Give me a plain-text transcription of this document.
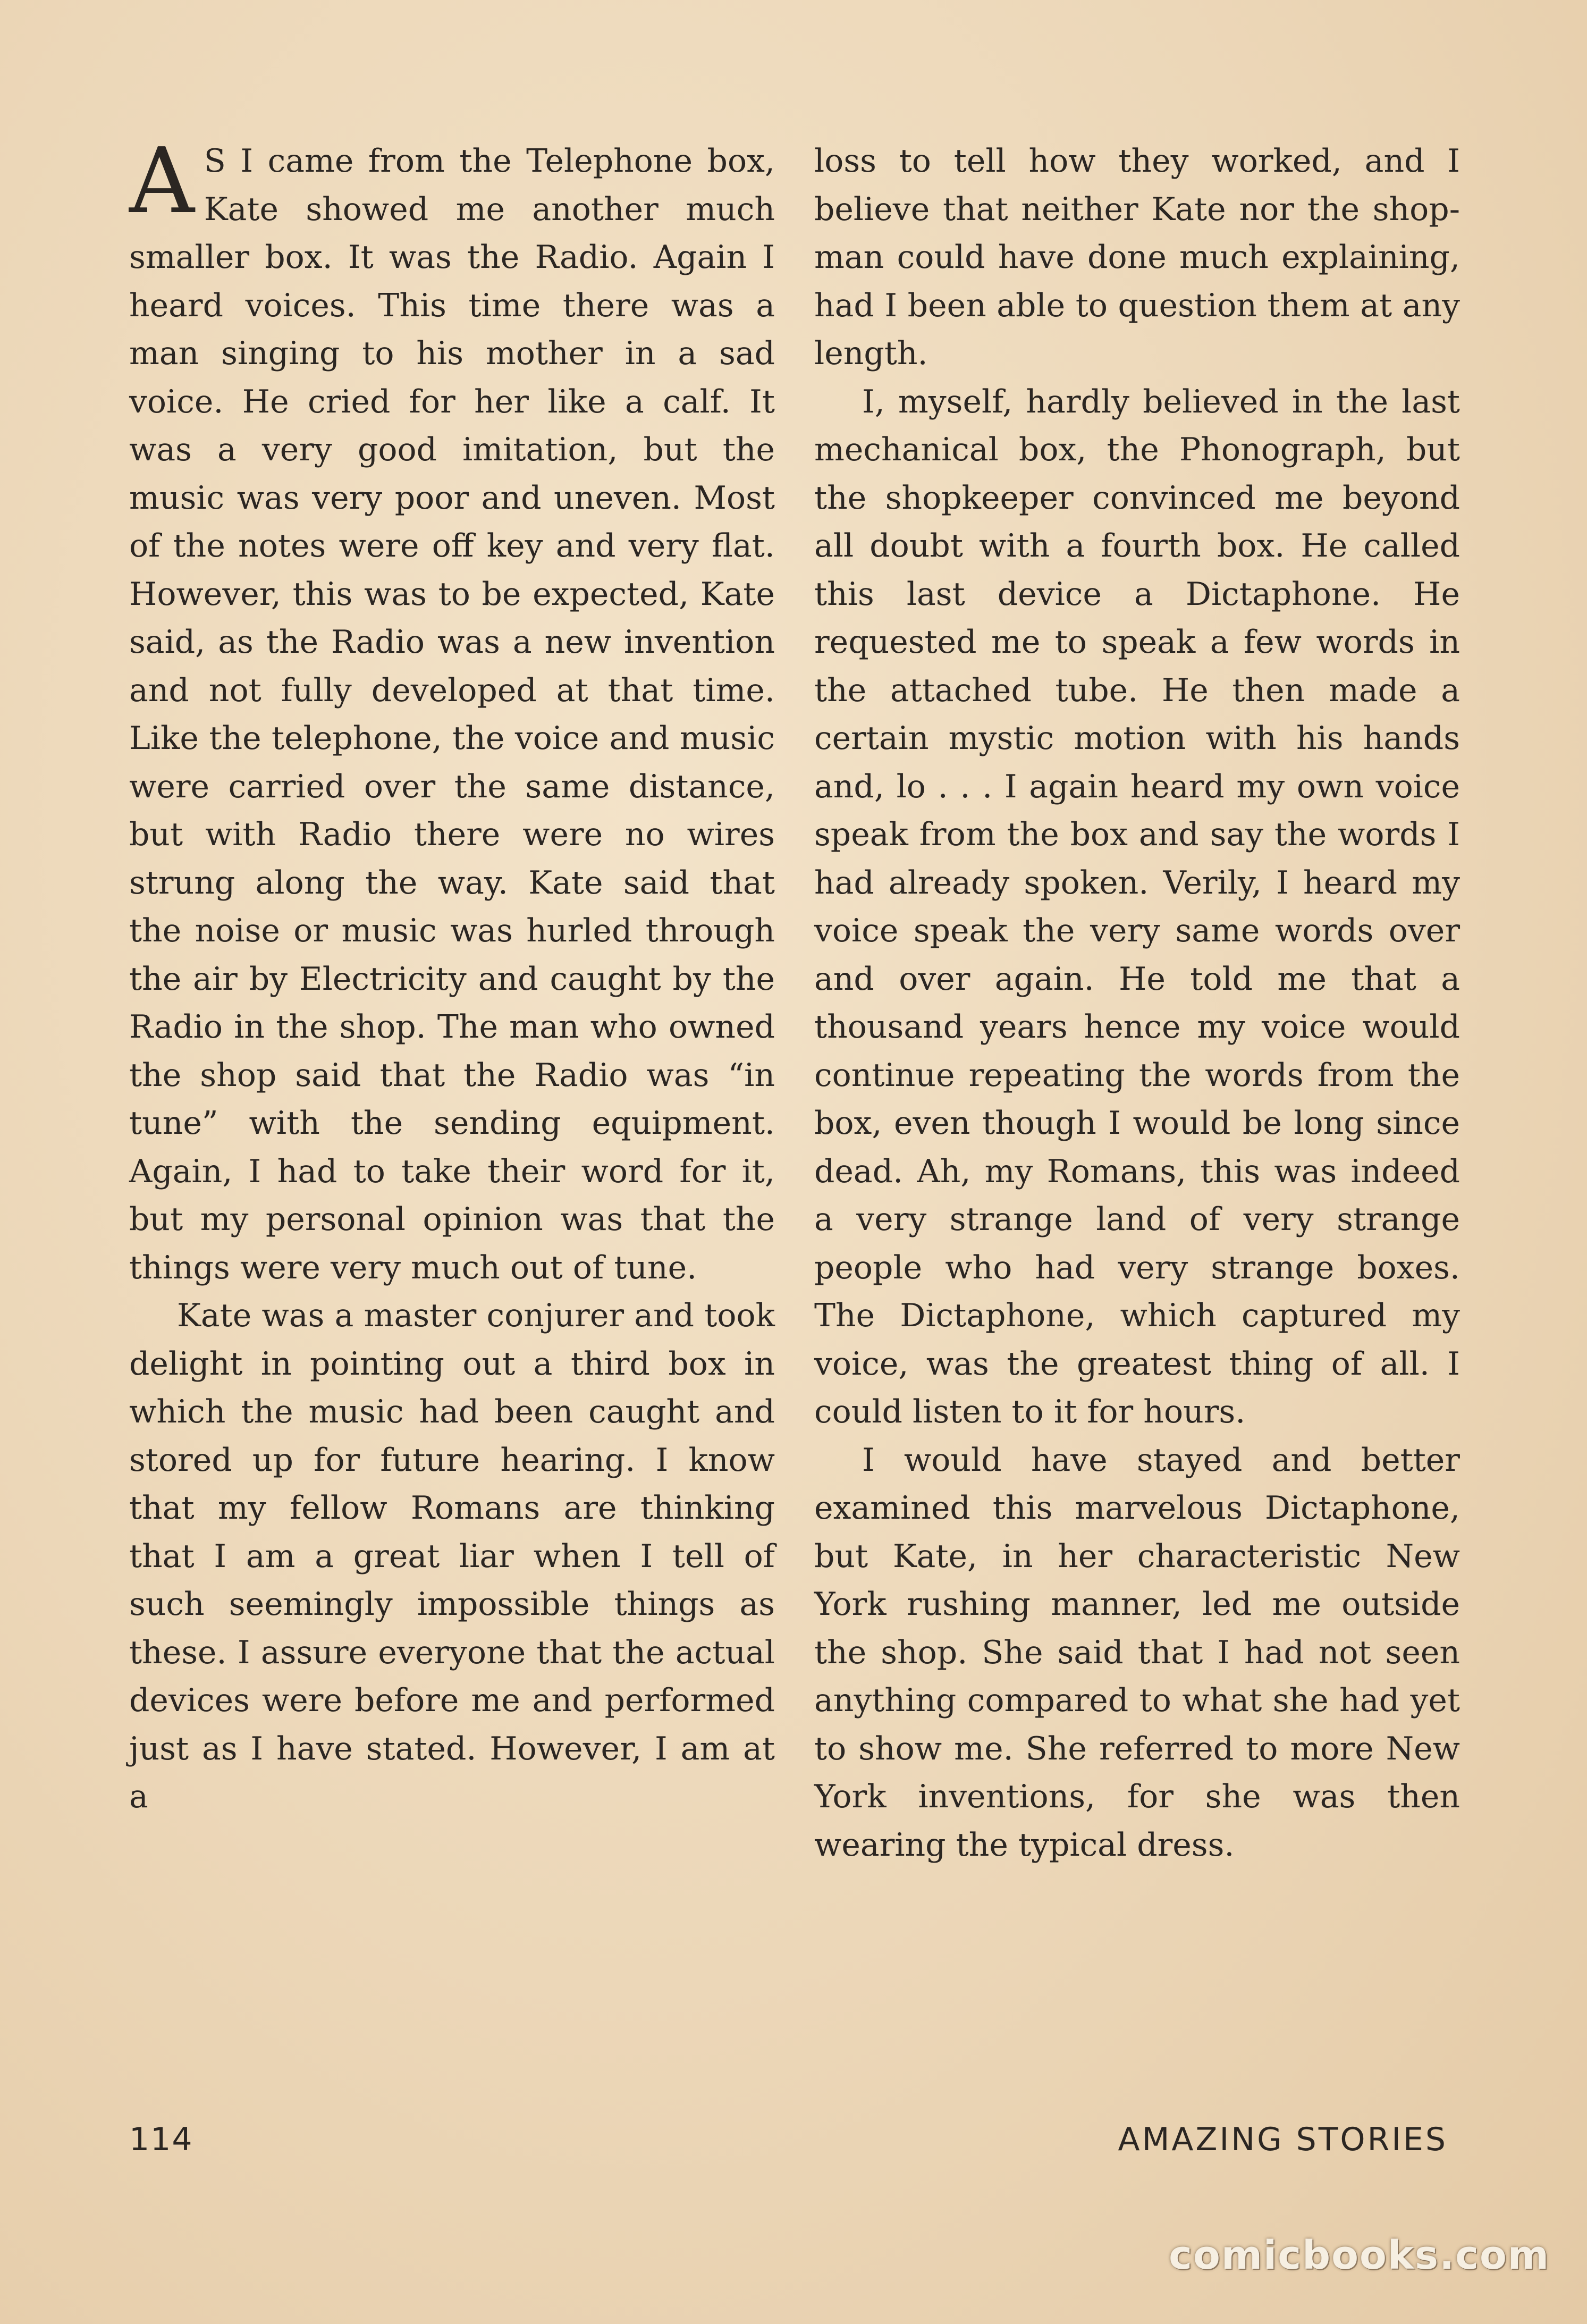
A S I came from the Telephone box, Kate showed me another much smaller box. It was the Radio. Again I heard voices. This time there was a man singing to his mother in a sad voice. He cried for her like a calf. It was a very good imitation, but the music was very poor and uneven. Most of the notes were off key and very flat. However, this was to be expected, Kate said, as the Radio was a new invention and not fully developed at that time. Like the telephone, the voice and music were carried over the same distance, but with Radio there were no wires strung along the way. Kate said that the noise or music was hurled through the air by Electricity and caught by the Radio in the shop. The man who owned the shop said that the Radio was “in tune” with the sending equipment. Again, I had to take their word for it, but my personal opinion was that the things were very much out of tune.

Kate was a master conjurer and took delight in pointing out a third box in which the music had been caught and stored up for future hearing. I know that my fellow Romans are thinking that I am a great liar when I tell of such seemingly impossible things as these. I assure everyone that the actual devices were before me and performed just as I have stated. However, I am at a

loss to tell how they worked, and I believe that neither Kate nor the shop-man could have done much explaining, had I been able to question them at any length.

I, myself, hardly believed in the last mechanical box, the Phonograph, but the shopkeeper convinced me beyond all doubt with a fourth box. He called this last device a Dictaphone. He requested me to speak a few words in the attached tube. He then made a certain mystic motion with his hands and, lo . . . I again heard my own voice speak from the box and say the words I had already spoken. Verily, I heard my voice speak the very same words over and over again. He told me that a thousand years hence my voice would continue repeating the words from the box, even though I would be long since dead. Ah, my Romans, this was indeed a very strange land of very strange people who had very strange boxes. The Dictaphone, which captured my voice, was the greatest thing of all. I could listen to it for hours.

I would have stayed and better examined this marvelous Dictaphone, but Kate, in her characteristic New York rushing manner, led me outside the shop. She said that I had not seen anything compared to what she had yet to show me. She referred to more New York inventions, for she was then wearing the typical dress.

114	AMAZING STORIES
comicbooks.com
